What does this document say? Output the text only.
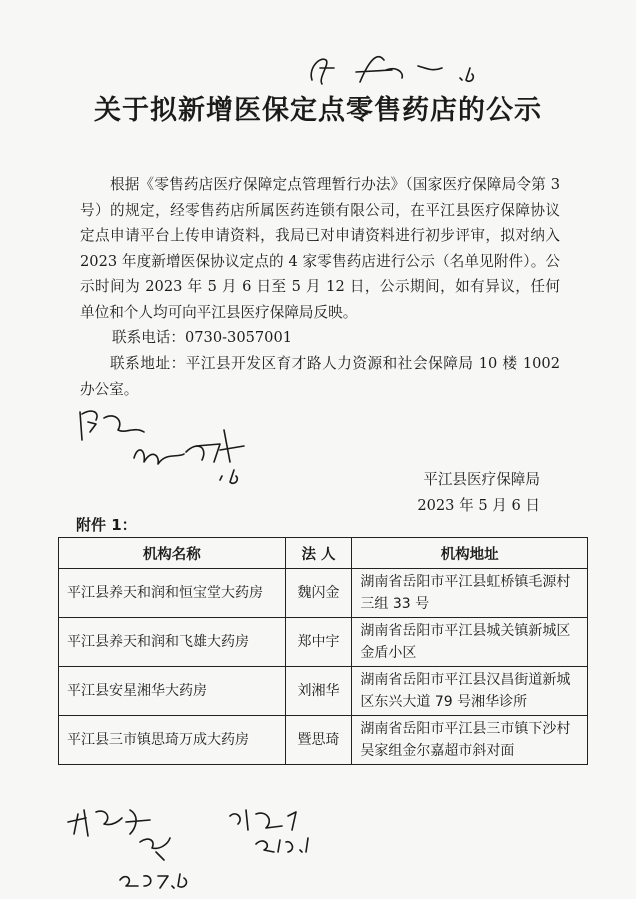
关于拟新增医保定点零售药店的公示
根据《零售药店医疗保障定点管理暂行办法》（国家医疗保障局令第 3 号）的规定，经零售药店所属医药连锁有限公司，在平江县医疗保障协议定点申请平台上传申请资料，我局已对申请资料进行初步评审，拟对纳入 2023 年度新增医保协议定点的 4 家零售药店进行公示（名单见附件）。公示时间为 2023 年 5 月 6 日至 5 月 12 日，公示期间，如有异议，任何单位和个人均可向平江县医疗保障局反映。
联系电话：0730-3057001
联系地址：平江县开发区育才路人力资源和社会保障局 10 楼 1002 办公室。
平江县医疗保障局
2023 年 5 月 6 日
附件 1：
机构名称	法 人	机构地址
平江县养天和润和恒宝堂大药房	魏闪金	湖南省岳阳市平江县虹桥镇毛源村三组 33 号
平江县养天和润和飞雄大药房	郑中宇	湖南省岳阳市平江县城关镇新城区金盾小区
平江县安星湘华大药房	刘湘华	湖南省岳阳市平江县汉昌街道新城区东兴大道 79 号湘华诊所
平江县三市镇思琦万成大药房	暨思琦	湖南省岳阳市平江县三市镇下沙村吴家组金尔嘉超市斜对面
